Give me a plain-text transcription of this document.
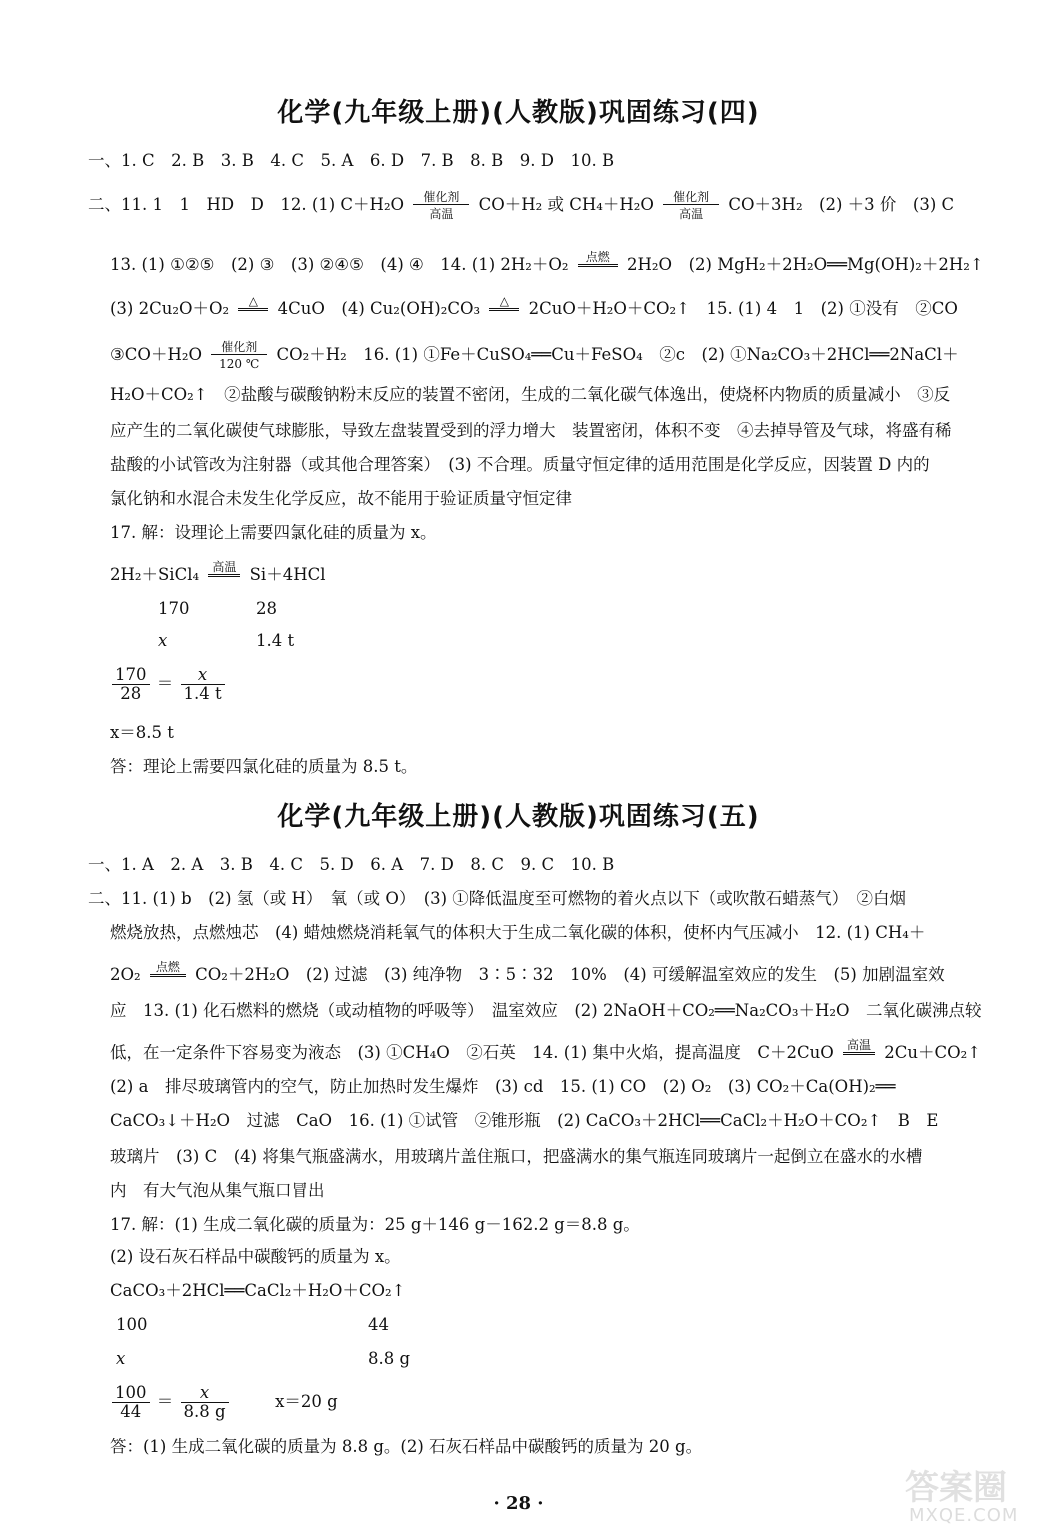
化学(九年级上册)(人教版)巩固练习(四)
一、1. C　2. B　3. B　4. C　5. A　6. D　7. B　8. B　9. D　10. B
二、11. 1　1　HD　D　12. (1) C＋H₂O	催化剂
高温	CO＋H₂ 或 CH₄＋H₂O	催化剂
高温	CO＋3H₂　(2) ＋3 价　(3) C
13. (1) ①②⑤　(2) ③　(3) ②④⑤　(4) ④　14. (1) 2H₂＋O₂	点燃
	2H₂O　(2) MgH₂＋2H₂O══Mg(OH)₂＋2H₂↑
(3) 2Cu₂O＋O₂	△
	4CuO　(4) Cu₂(OH)₂CO₃	△
	2CuO＋H₂O＋CO₂↑　15. (1) 4　1　(2) ①没有　②CO
③CO＋H₂O	催化剂
120 ℃	CO₂＋H₂　16. (1) ①Fe＋CuSO₄══Cu＋FeSO₄　②c　(2) ①Na₂CO₃＋2HCl══2NaCl＋
H₂O＋CO₂↑　②盐酸与碳酸钠粉末反应的装置不密闭，生成的二氧化碳气体逸出，使烧杯内物质的质量减小　③反
应产生的二氧化碳使气球膨胀，导致左盘装置受到的浮力增大　装置密闭，体积不变　④去掉导管及气球，将盛有稀
盐酸的小试管改为注射器（或其他合理答案）　(3) 不合理。质量守恒定律的适用范围是化学反应，因装置 D 内的
氯化钠和水混合未发生化学反应，故不能用于验证质量守恒定律
17. 解：设理论上需要四氯化硅的质量为 x。
2H₂＋SiCl₄	高温
Si＋4HCl
170	28
x	1.4 t
$\frac{170}{28} = \frac{x}{1.4 t}$
x＝8.5 t
答：理论上需要四氯化硅的质量为 8.5 t。
化学(九年级上册)(人教版)巩固练习(五)
一、1. A　2. A　3. B　4. C　5. D　6. A　7. D　8. C　9. C　10. B
二、11. (1) b　(2) 氢（或 H）　氧（或 O）　(3) ①降低温度至可燃物的着火点以下（或吹散石蜡蒸气）　②白烟
燃烧放热，点燃烛芯　(4) 蜡烛燃烧消耗氧气的体积大于生成二氧化碳的体积，使杯内气压减小　12. (1) CH₄＋
2O₂	点燃
CO₂＋2H₂O　(2) 过滤　(3) 纯净物　3∶5∶32　10%　(4) 可缓解温室效应的发生　(5) 加剧温室效
应　13. (1) 化石燃料的燃烧（或动植物的呼吸等）　温室效应　(2) 2NaOH＋CO₂══Na₂CO₃＋H₂O　二氧化碳沸点较
低，在一定条件下容易变为液态　(3) ①CH₄O　②石英　14. (1) 集中火焰，提高温度　C＋2CuO	高温
2Cu＋CO₂↑
(2) a　排尽玻璃管内的空气，防止加热时发生爆炸　(3) cd　15. (1) CO　(2) O₂　(3) CO₂＋Ca(OH)₂══
CaCO₃↓＋H₂O　过滤　CaO　16. (1) ①试管　②锥形瓶　(2) CaCO₃＋2HCl══CaCl₂＋H₂O＋CO₂↑　B　E
玻璃片　(3) C　(4) 将集气瓶盛满水，用玻璃片盖住瓶口，把盛满水的集气瓶连同玻璃片一起倒立在盛水的水槽
内　有大气泡从集气瓶口冒出
17. 解：(1) 生成二氧化碳的质量为：25 g＋146 g－162.2 g＝8.8 g。
(2) 设石灰石样品中碳酸钙的质量为 x。
CaCO₃＋2HCl══CaCl₂＋H₂O＋CO₂↑
100	44
x	8.8 g
$\frac{100}{44} = \frac{x}{8.8 g}$	x＝20 g
答：(1) 生成二氧化碳的质量为 8.8 g。(2) 石灰石样品中碳酸钙的质量为 20 g。
· 28 ·	答案圈
MXQE.COM
